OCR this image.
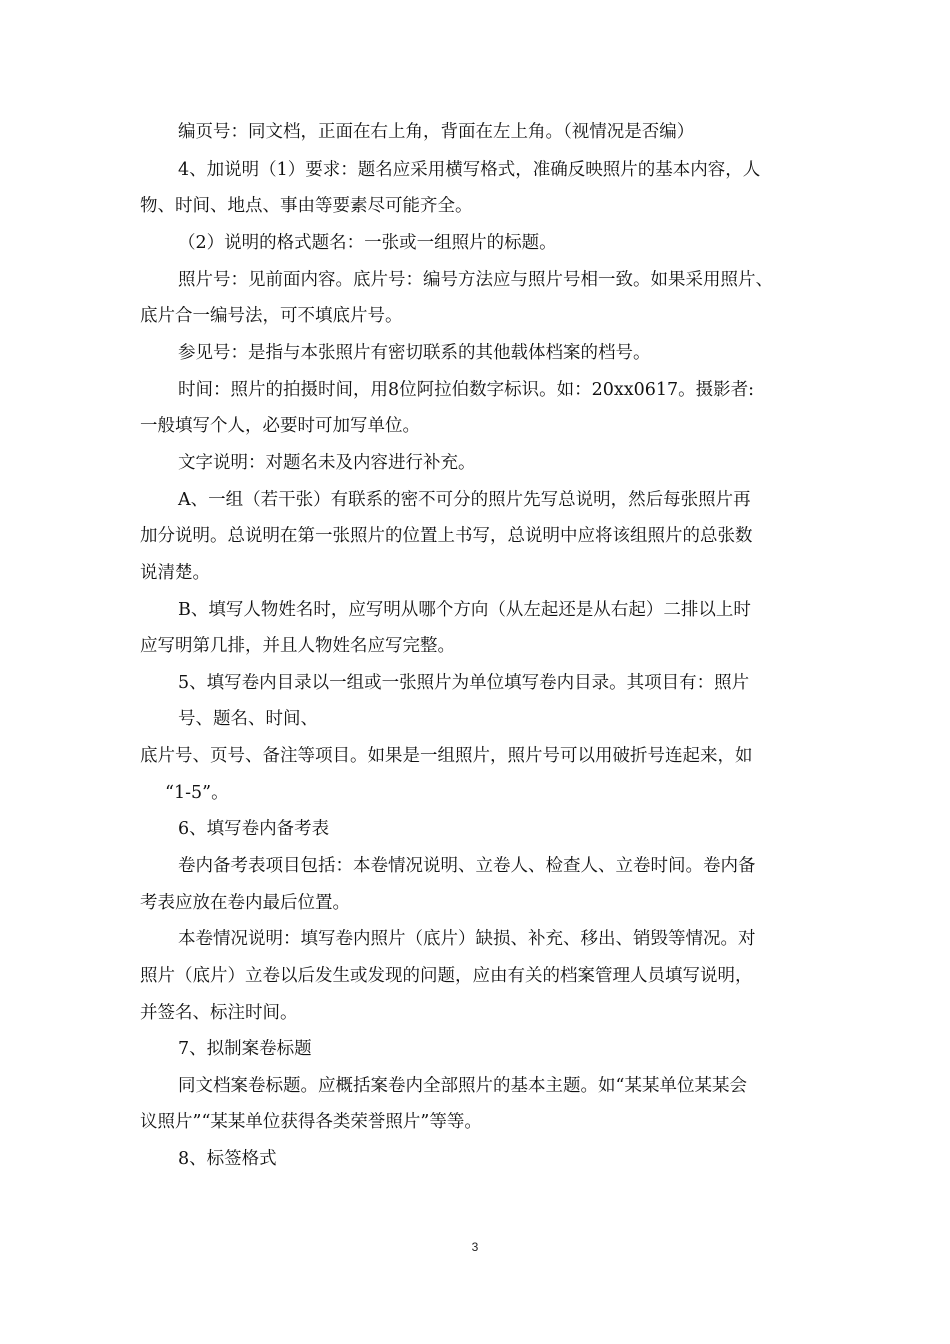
编页号：同文档，正面在右上角，背面在左上角。（视情况是否编）
4、加说明（1）要求：题名应采用横写格式，准确反映照片的基本内容，人
物、时间、地点、事由等要素尽可能齐全。
（2）说明的格式题名：一张或一组照片的标题。
照片号：见前面内容。底片号：编号方法应与照片号相一致。如果采用照片、
底片合一编号法，可不填底片号。
参见号：是指与本张照片有密切联系的其他载体档案的档号。
时间：照片的拍摄时间，用8位阿拉伯数字标识。如：20xx0617。摄影者:
一般填写个人，必要时可加写单位。
文字说明：对题名未及内容进行补充。
A、一组（若干张）有联系的密不可分的照片先写总说明，然后每张照片再
加分说明。总说明在第一张照片的位置上书写，总说明中应将该组照片的总张数
说清楚。
B、填写人物姓名时，应写明从哪个方向（从左起还是从右起）二排以上时
应写明第几排，并且人物姓名应写完整。
5、填写卷内目录以一组或一张照片为单位填写卷内目录。其项目有：照片
号、题名、时间、
底片号、页号、备注等项目。如果是一组照片，照片号可以用破折号连起来，如
“1-5”。
6、填写卷内备考表
卷内备考表项目包括：本卷情况说明、立卷人、检查人、立卷时间。卷内备
考表应放在卷内最后位置。
本卷情况说明：填写卷内照片（底片）缺损、补充、移出、销毁等情况。对
照片（底片）立卷以后发生或发现的问题，应由有关的档案管理人员填写说明，
并签名、标注时间。
7、拟制案卷标题
同文档案卷标题。应概括案卷内全部照片的基本主题。如“某某单位某某会
议照片”“某某单位获得各类荣誉照片”等等。
8、标签格式
3
